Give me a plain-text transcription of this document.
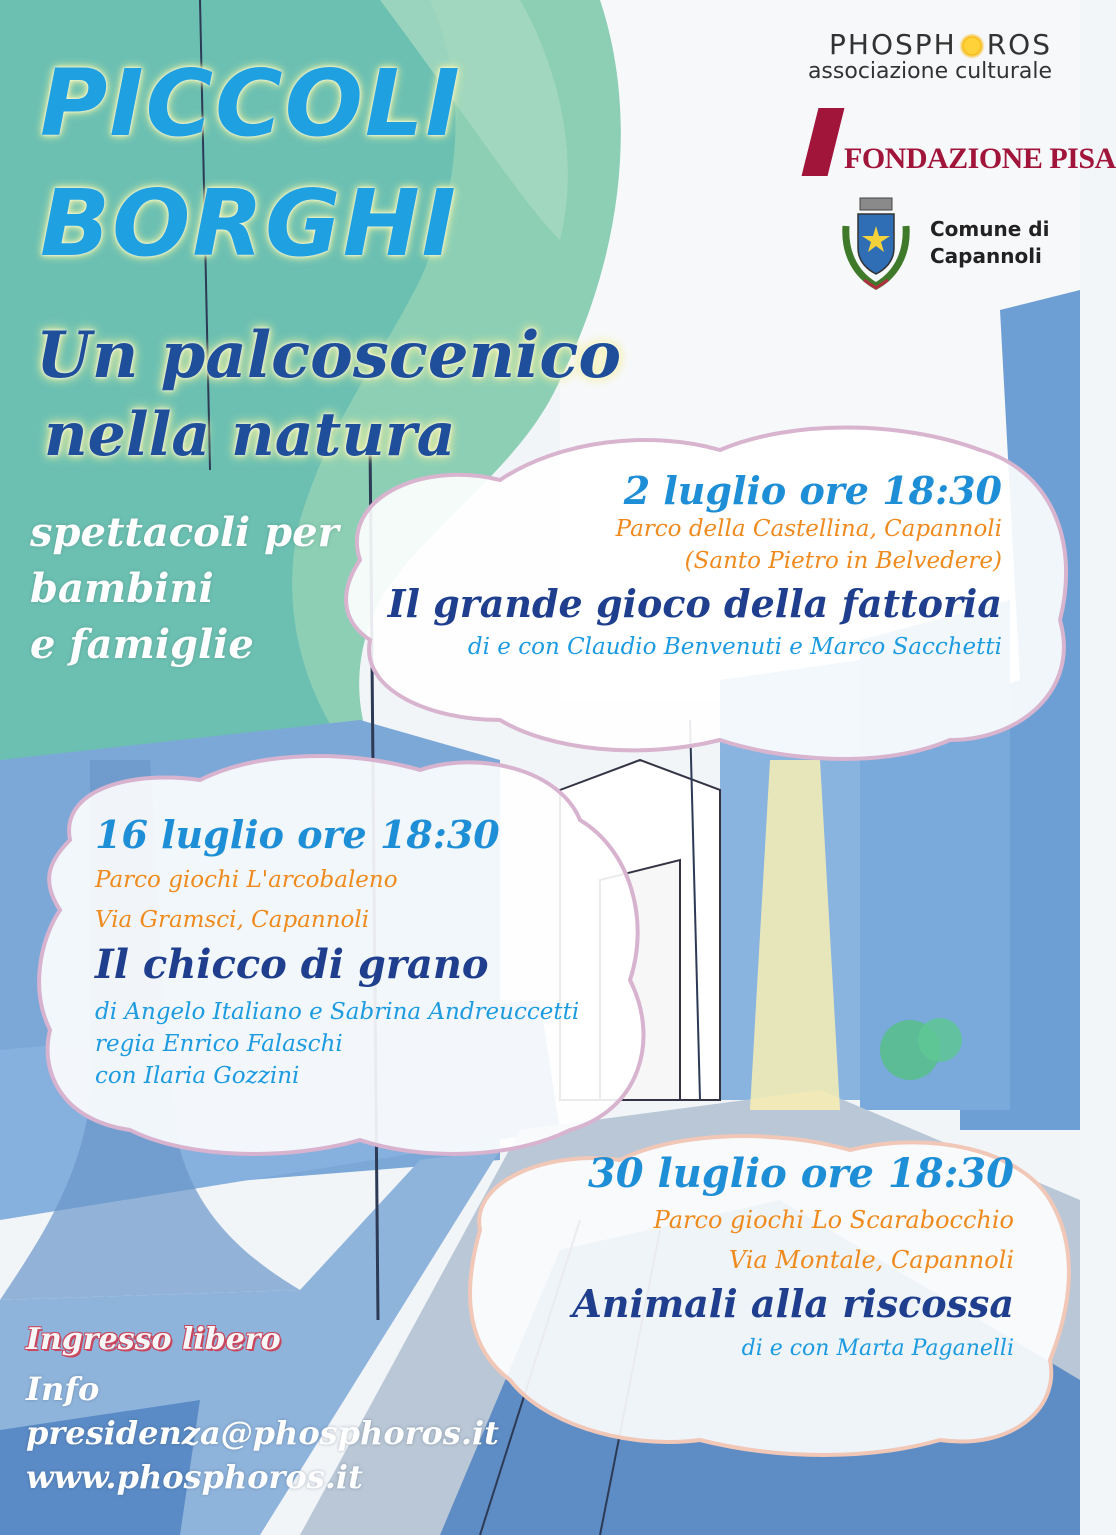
PICCOLI
BORGHI
Un palcoscenico
nella natura
spettacoli per
bambini
e famiglie
PHOSPH ROS
associazione culturale
FONDAZIONE PISA
Comune di
Capannoli
2 luglio ore 18:30
Parco della Castellina, Capannoli
(Santo Pietro in Belvedere)
Il grande gioco della fattoria
di e con Claudio Benvenuti e Marco Sacchetti
16 luglio ore 18:30
Parco giochi L'arcobaleno
Via Gramsci, Capannoli
Il chicco di grano
di Angelo Italiano e Sabrina Andreuccetti
regia Enrico Falaschi
con Ilaria Gozzini
30 luglio ore 18:30
Parco giochi Lo Scarabocchio
Via Montale, Capannoli
Animali alla riscossa
di e con Marta Paganelli
Ingresso libero
Info
presidenza@phosphoros.it
www.phosphoros.it
